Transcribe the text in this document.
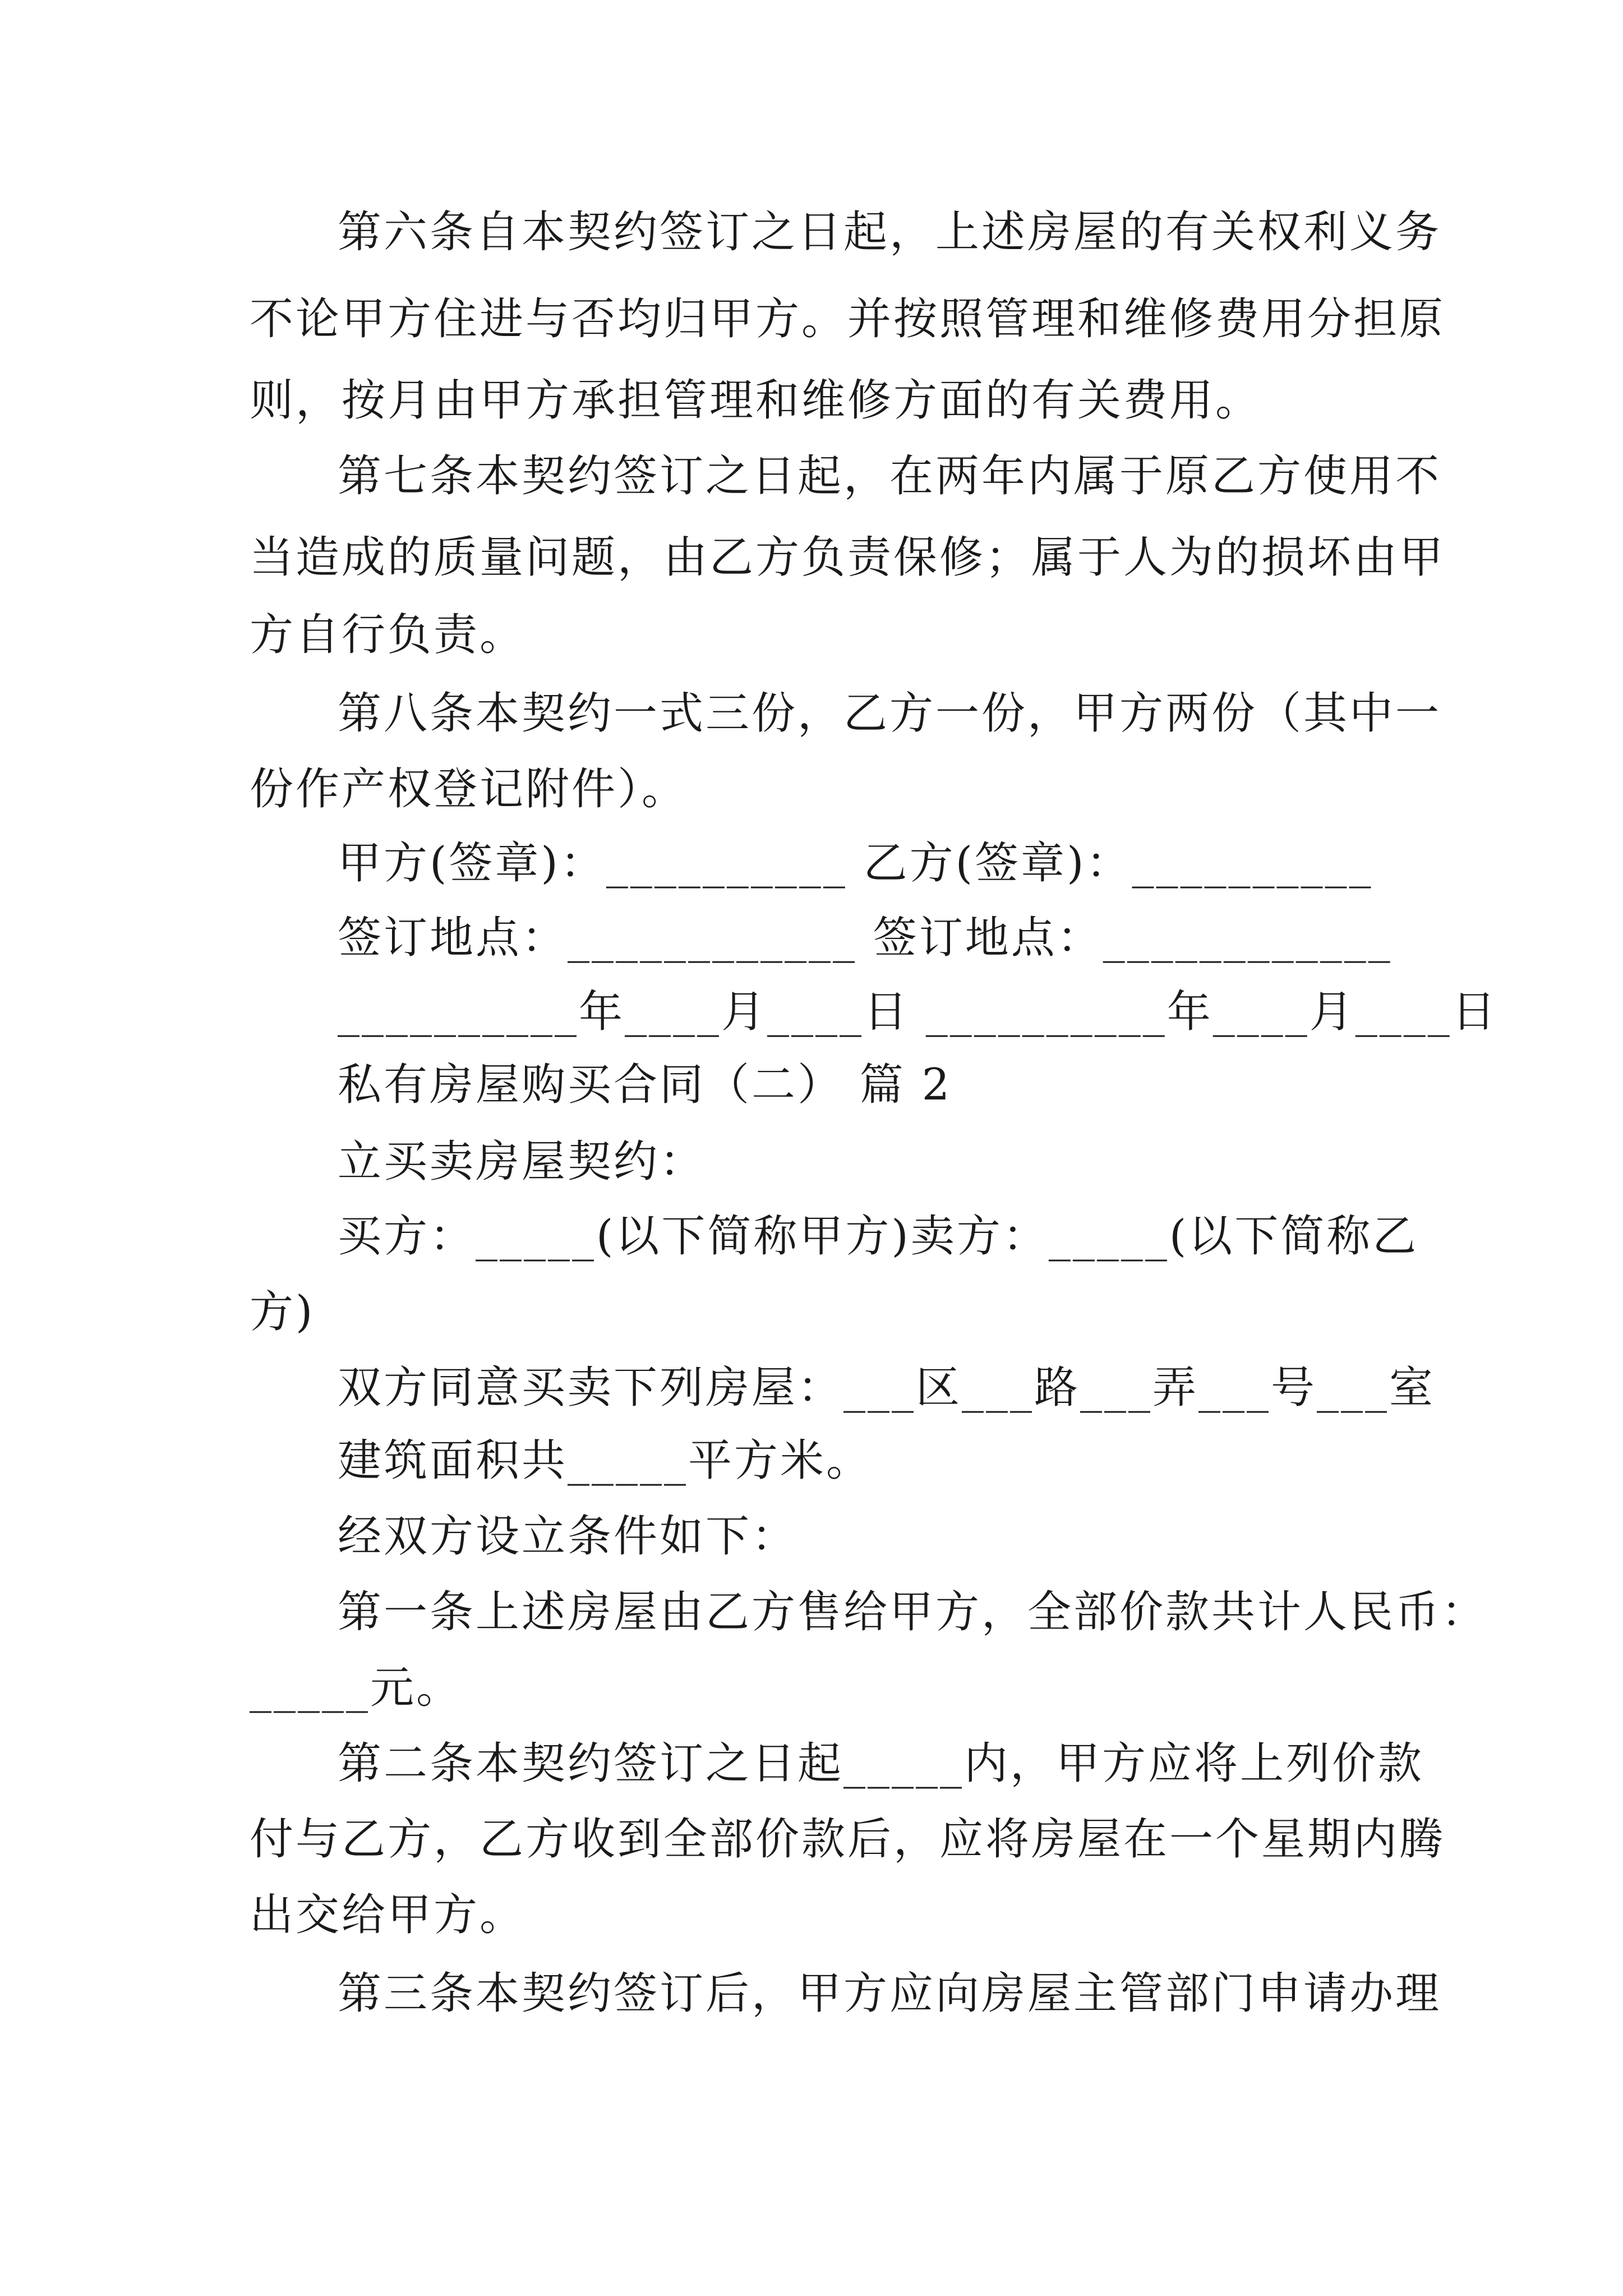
第六条自本契约签订之日起，上述房屋的有关权利义务
不论甲方住进与否均归甲方。并按照管理和维修费用分担原
则，按月由甲方承担管理和维修方面的有关费用。
第七条本契约签订之日起，在两年内属于原乙方使用不
当造成的质量问题，由乙方负责保修；属于人为的损坏由甲
方自行负责。
第八条本契约一式三份，乙方一份，甲方两份（其中一
份作产权登记附件）。
甲方(签章)：__________ 乙方(签章)：__________
签订地点：____________ 签订地点：____________
__________年____月____日 __________年____月____日
私有房屋购买合同（二） 篇 2
立买卖房屋契约：
买方：_____(以下简称甲方)卖方：_____(以下简称乙
方)
双方同意买卖下列房屋：___区___路___弄___号___室
建筑面积共_____平方米。
经双方设立条件如下：
第一条上述房屋由乙方售给甲方，全部价款共计人民币：
_____元。
第二条本契约签订之日起_____内，甲方应将上列价款
付与乙方，乙方收到全部价款后，应将房屋在一个星期内腾
出交给甲方。
第三条本契约签订后，甲方应向房屋主管部门申请办理
